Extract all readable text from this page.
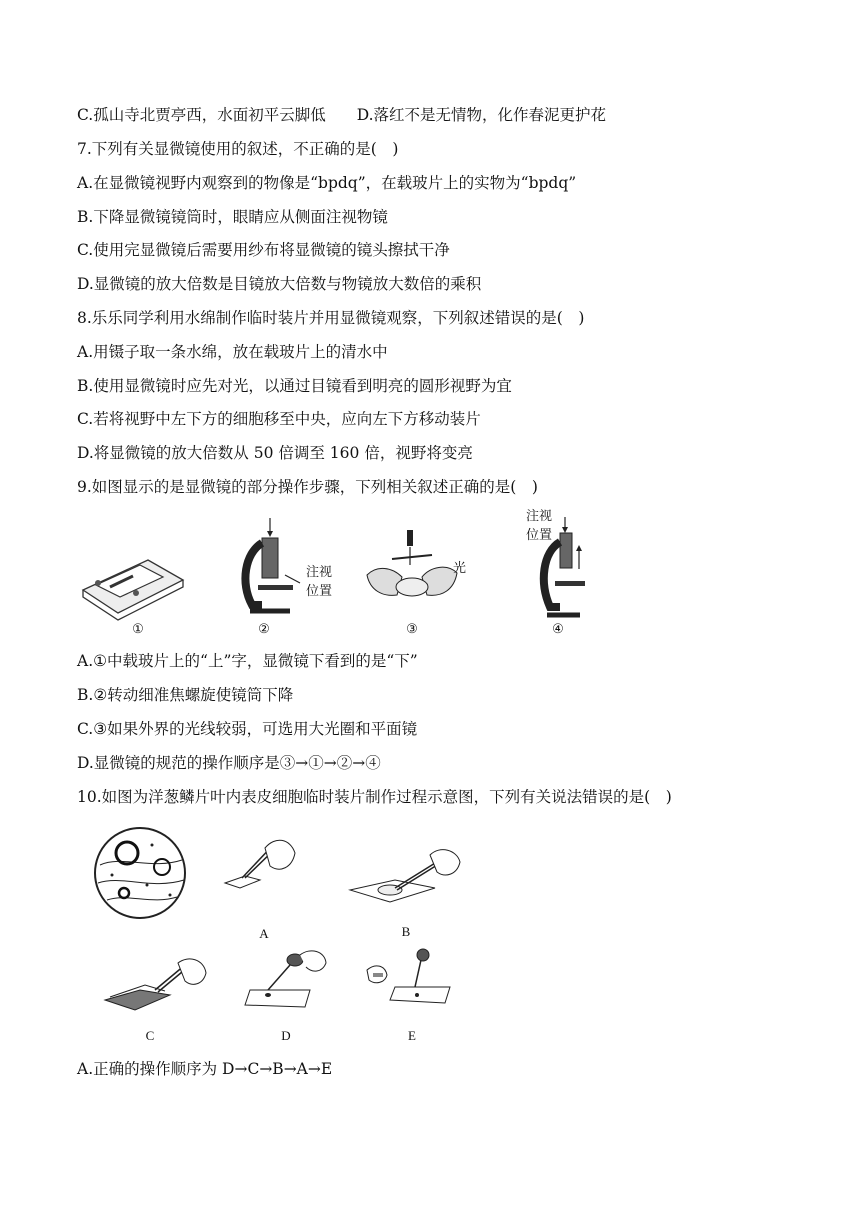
C.孤山寺北贾亭西，水面初平云脚低　　D.落红不是无情物，化作春泥更护花
7.下列有关显微镜使用的叙述，不正确的是(　)
A.在显微镜视野内观察到的物像是“bpdq”，在载玻片上的实物为“bpdq”
B.下降显微镜镜筒时，眼睛应从侧面注视物镜
C.使用完显微镜后需要用纱布将显微镜的镜头擦拭干净
D.显微镜的放大倍数是目镜放大倍数与物镜放大数倍的乘积
8.乐乐同学利用水绵制作临时装片并用显微镜观察，下列叙述错误的是(　)
A.用镊子取一条水绵，放在载玻片上的清水中
B.使用显微镜时应先对光，以通过目镜看到明亮的圆形视野为宜
C.若将视野中左下方的细胞移至中央，应向左下方移动装片
D.将显微镜的放大倍数从 50 倍调至 160 倍，视野将变亮
9.如图显示的是显微镜的部分操作步骤，下列相关叙述正确的是(　)
①
注视位置
②
光
③
注视位置
④
A.①中载玻片上的“上”字，显微镜下看到的是“下”
B.②转动细准焦螺旋使镜筒下降
C.③如果外界的光线较弱，可选用大光圈和平面镜
D.显微镜的规范的操作顺序是③→①→②→④
10.如图为洋葱鳞片叶内表皮细胞临时装片制作过程示意图，下列有关说法错误的是(　)
A	B
C	D	E
A.正确的操作顺序为 D→C→B→A→E
